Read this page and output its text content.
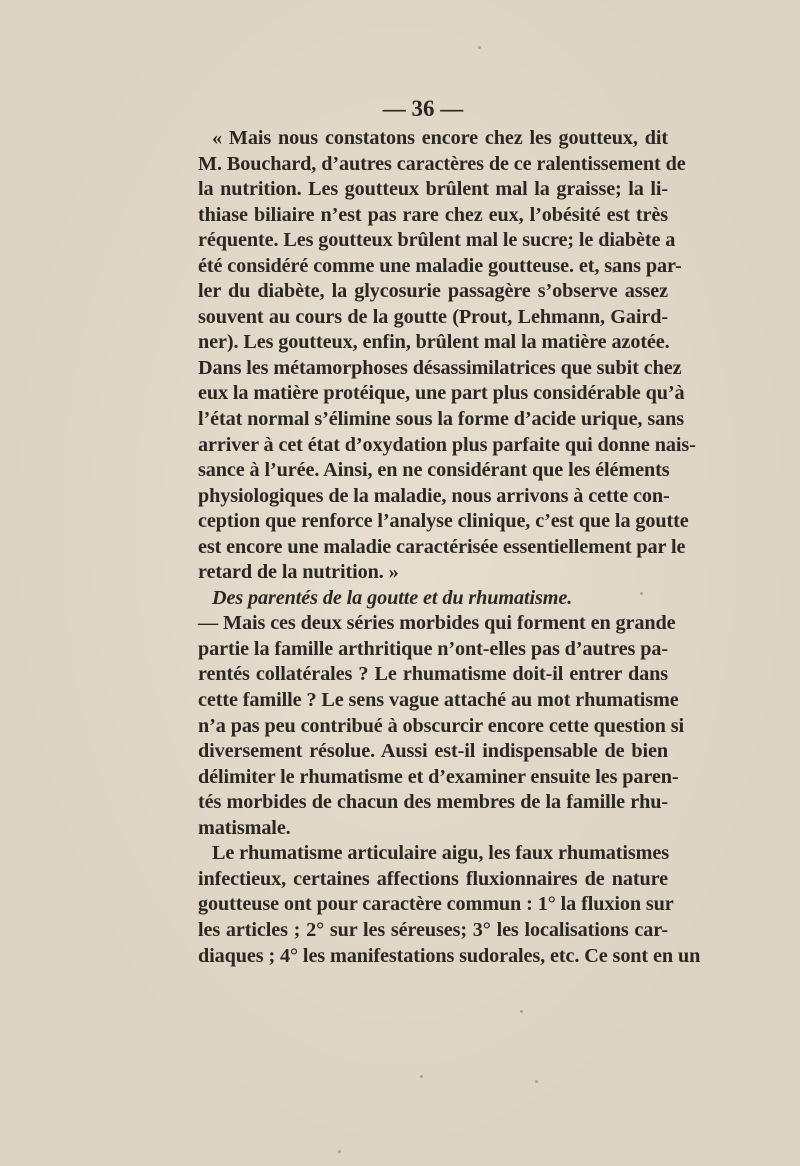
— 36 —

« Mais nous constatons encore chez les goutteux, dit

M. Bouchard, d’autres caractères de ce ralentissement de

la nutrition. Les goutteux brûlent mal la graisse; la li-

thiase biliaire n’est pas rare chez eux, l’obésité est très

réquente. Les goutteux brûlent mal le sucre; le diabète a

été considéré comme une maladie goutteuse. et, sans par-

ler du diabète, la glycosurie passagère s’observe assez

souvent au cours de la goutte (Prout, Lehmann, Gaird-

ner). Les goutteux, enfin, brûlent mal la matière azotée.

Dans les métamorphoses désassimilatrices que subit chez

eux la matière protéique, une part plus considérable qu’à

l’état normal s’élimine sous la forme d’acide urique, sans

arriver à cet état d’oxydation plus parfaite qui donne nais-

sance à l’urée. Ainsi, en ne considérant que les éléments

physiologiques de la maladie, nous arrivons à cette con-

ception que renforce l’analyse clinique, c’est que la goutte

est encore une maladie caractérisée essentiellement par le

retard de la nutrition. »

Des parentés de la goutte et du rhumatisme.

— Mais ces deux séries morbides qui forment en grande

partie la famille arthritique n’ont-elles pas d’autres pa-

rentés collatérales ? Le rhumatisme doit-il entrer dans

cette famille ? Le sens vague attaché au mot rhumatisme

n’a pas peu contribué à obscurcir encore cette question si

diversement résolue. Aussi est-il indispensable de bien

délimiter le rhumatisme et d’examiner ensuite les paren-

tés morbides de chacun des membres de la famille rhu-

matismale.

Le rhumatisme articulaire aigu, les faux rhumatismes

infectieux, certaines affections fluxionnaires de nature

goutteuse ont pour caractère commun : 1° la fluxion sur

les articles ; 2° sur les séreuses; 3° les localisations car-

diaques ; 4° les manifestations sudorales, etc. Ce sont en un
